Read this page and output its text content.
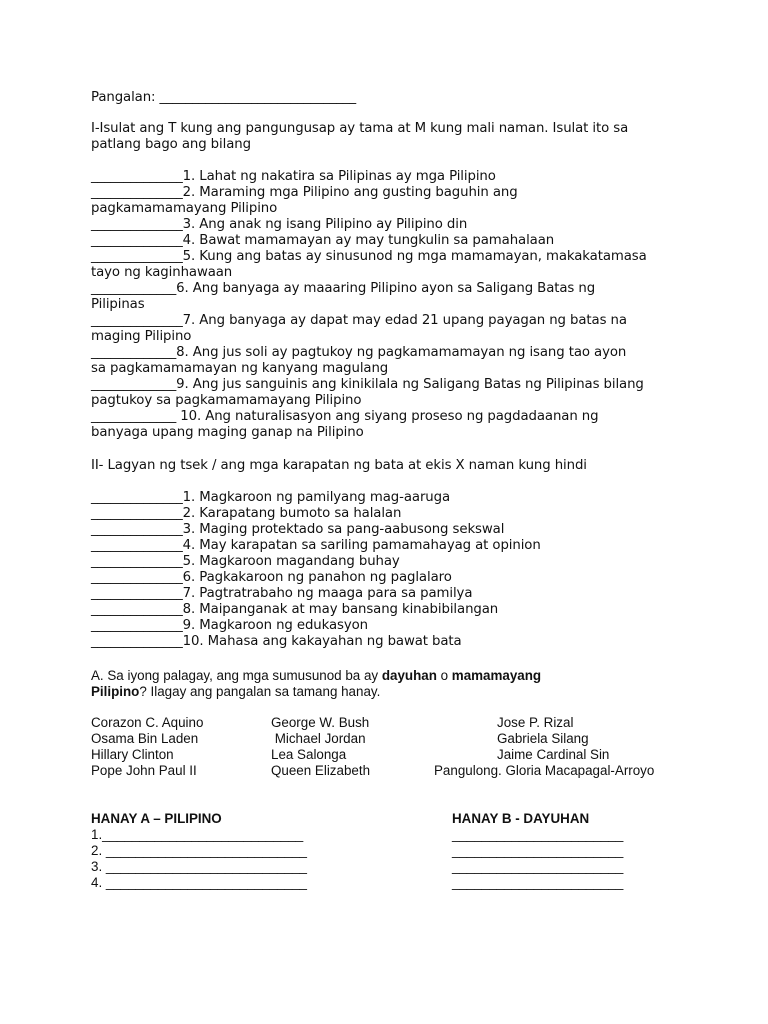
Pangalan: ______________________________
I-Isulat ang T kung ang pangungusap ay tama at M kung mali naman. Isulat ito sa
patlang bago ang bilang
______________1. Lahat ng nakatira sa Pilipinas ay mga Pilipino
______________2. Maraming mga Pilipino ang gusting baguhin ang
pagkamamamayang Pilipino
______________3. Ang anak ng isang Pilipino ay Pilipino din
______________4. Bawat mamamayan ay may tungkulin sa pamahalaan
______________5. Kung ang batas ay sinusunod ng mga mamamayan, makakatamasa
tayo ng kaginhawaan
_____________6. Ang banyaga ay maaaring Pilipino ayon sa Saligang Batas ng
Pilipinas
______________7. Ang banyaga ay dapat may edad 21 upang payagan ng batas na
maging Pilipino
_____________8. Ang jus soli ay pagtukoy ng pagkamamamayan ng isang tao ayon
sa pagkamamamayan ng kanyang magulang
_____________9. Ang jus sanguinis ang kinikilala ng Saligang Batas ng Pilipinas bilang
pagtukoy sa pagkamamamayang Pilipino
_____________ 10. Ang naturalisasyon ang siyang proseso ng pagdadaanan ng
banyaga upang maging ganap na Pilipino
II- Lagyan ng tsek / ang mga karapatan ng bata at ekis X naman kung hindi
______________1. Magkaroon ng pamilyang mag-aaruga
______________2. Karapatang bumoto sa halalan
______________3. Maging protektado sa pang-aabusong sekswal
______________4. May karapatan sa sariling pamamahayag at opinion
______________5. Magkaroon magandang buhay
______________6. Pagkakaroon ng panahon ng paglalaro
______________7. Pagtratrabaho ng maaga para sa pamilya
______________8. Maipanganak at may bansang kinabibilangan
______________9. Magkaroon ng edukasyon
______________10. Mahasa ang kakayahan ng bawat bata
A. Sa iyong palagay, ang mga sumusunod ba ay dayuhan o mamamayang
Pilipino? Ilagay ang pangalan sa tamang hanay.
Corazon C. Aquino
Osama Bin Laden
Hillary Clinton
Pope John Paul II
George W. Bush
Michael Jordan
Lea Salonga
Queen Elizabeth
Jose P. Rizal
Gabriela Silang
Jaime Cardinal Sin
Pangulong. Gloria Macapagal-Arroyo
HANAY A – PILIPINO	HANAY B - DAYUHAN
1.___________________________
2. ___________________________
3. ___________________________
4. ___________________________
_______________________
_______________________
_______________________
_______________________
